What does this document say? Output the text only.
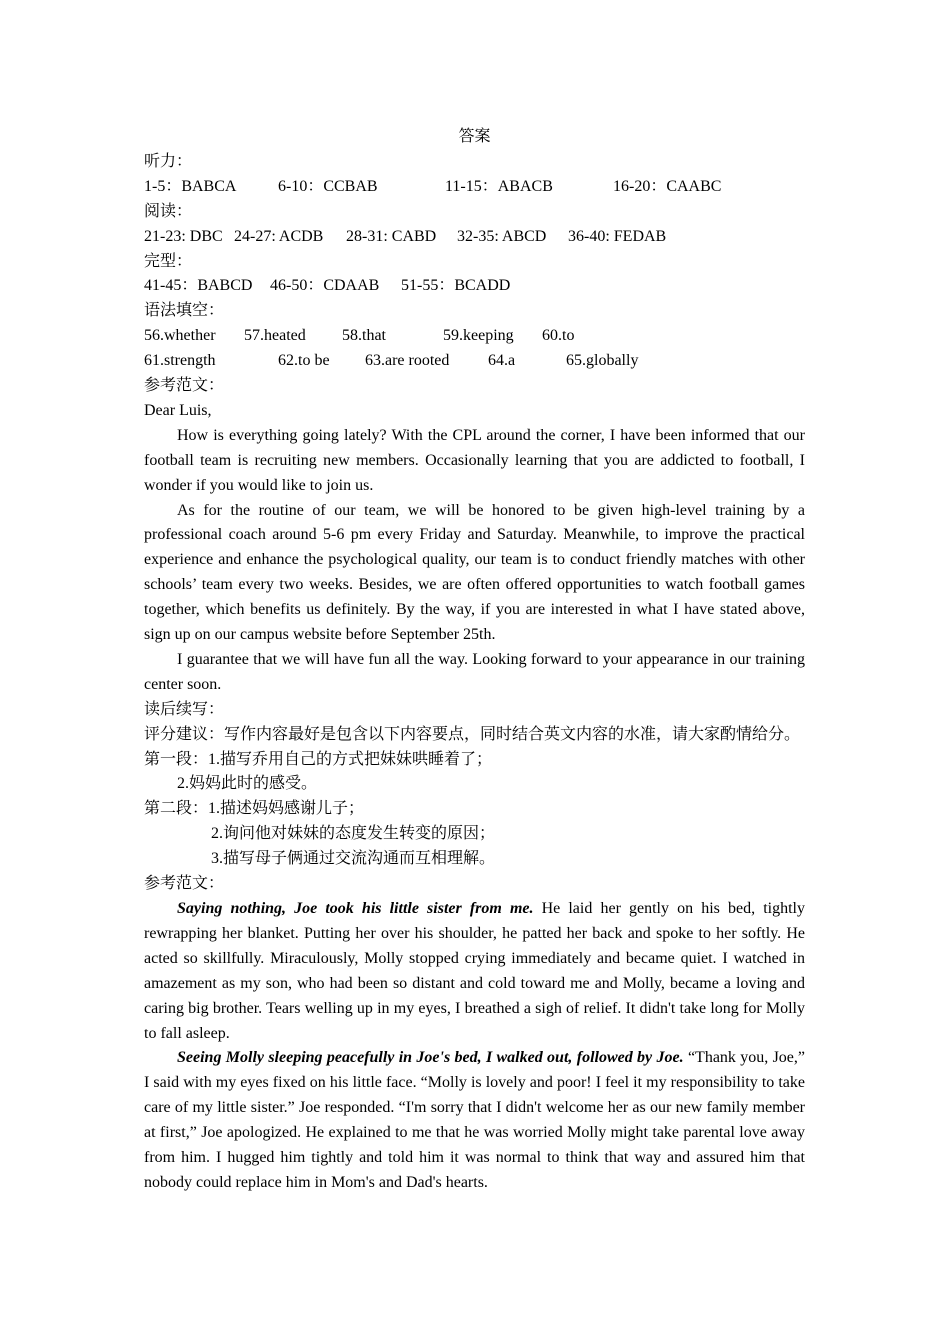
答案
听力：
1-5：BABCA	6-10：CCBAB	11-15：ABACB	16-20：CAABC
阅读：
21-23: DBC 24-27: ACDB 28-31: CABD 32-35: ABCD 36-40: FEDAB
完型：
41-45：BABCD 46-50：CDAAB 51-55：BCADD
语法填空：
56.whether 57.heated 58.that	59.keeping 60.to
61.strength	62.to be 63.are rooted 64.a	65.globally
参考范文：
Dear Luis,
How is everything going lately? With the CPL around the corner, I have been informed that our football team is recruiting new members. Occasionally learning that you are addicted to football, I wonder if you would like to join us.
As for the routine of our team, we will be honored to be given high-level training by a professional coach around 5-6 pm every Friday and Saturday. Meanwhile, to improve the practical experience and enhance the psychological quality, our team is to conduct friendly matches with other schools’ team every two weeks. Besides, we are often offered opportunities to watch football games together, which benefits us definitely. By the way, if you are interested in what I have stated above, sign up on our campus website before September 25th.
I guarantee that we will have fun all the way. Looking forward to your appearance in our training center soon.
读后续写：
评分建议：写作内容最好是包含以下内容要点，同时结合英文内容的水准，请大家酌情给分。
第一段：1.描写乔用自己的方式把妹妹哄睡着了；
2.妈妈此时的感受。
第二段：1.描述妈妈感谢儿子；
2.询问他对妹妹的态度发生转变的原因；
3.描写母子俩通过交流沟通而互相理解。
参考范文：
Saying nothing, Joe took his little sister from me. He laid her gently on his bed, tightly rewrapping her blanket. Putting her over his shoulder, he patted her back and spoke to her softly. He acted so skillfully. Miraculously, Molly stopped crying immediately and became quiet. I watched in amazement as my son, who had been so distant and cold toward me and Molly, became a loving and caring big brother. Tears welling up in my eyes, I breathed a sigh of relief. It didn't take long for Molly to fall asleep.
Seeing Molly sleeping peacefully in Joe's bed, I walked out, followed by Joe. “Thank you, Joe,” I said with my eyes fixed on his little face. “Molly is lovely and poor! I feel it my responsibility to take care of my little sister.” Joe responded. “I'm sorry that I didn't welcome her as our new family member at first,” Joe apologized. He explained to me that he was worried Molly might take parental love away from him. I hugged him tightly and told him it was normal to think that way and assured him that nobody could replace him in Mom's and Dad's hearts.
